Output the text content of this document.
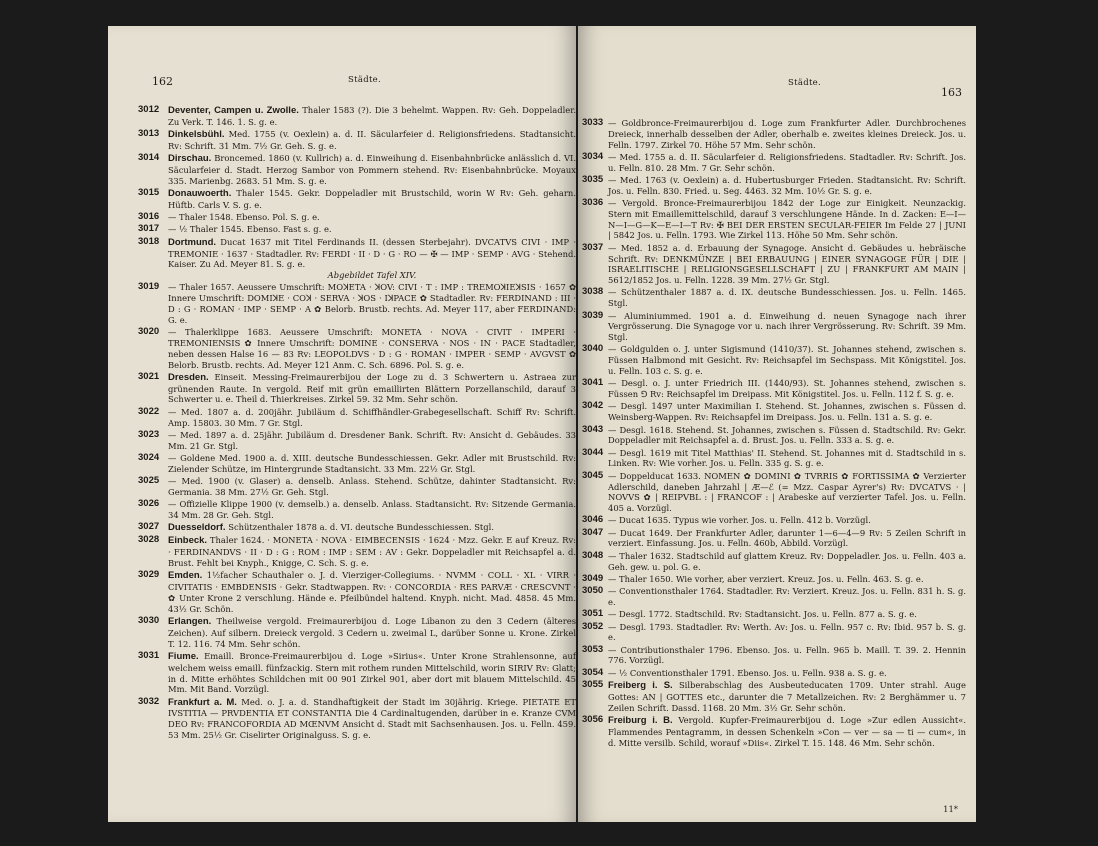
162	Städte.
3012 Deventer, Campen u. Zwolle. Thaler 1583 (?). Die 3 behelmt. Wappen. Rv: Geh. Doppeladler. Zu Verk. T. 146. 1. S. g. e.
3013 Dinkelsbühl. Med. 1755 (v. Oexlein) a. d. II. Säcularfeier d. Religionsfriedens. Stadtansicht. Rv: Schrift. 31 Mm. 7½ Gr. Geh. S. g. e.
3014 Dirschau. Broncemed. 1860 (v. Kullrich) a. d. Einweihung d. Eisenbahnbrücke anlässlich d. VI. Säcularfeier d. Stadt. Herzog Sambor von Pommern stehend. Rv: Eisenbahnbrücke. Moyaux 335. Marienbg. 2683. 51 Mm. S. g. e.
3015 Donauwoerth. Thaler 1545. Gekr. Doppeladler mit Brustschild, worin W Rv: Geh. geharn. Hüftb. Carls V. S. g. e.
3016	— Thaler 1548. Ebenso. Pol. S. g. e.
3017	— ½ Thaler 1545. Ebenso. Fast s. g. e.
3018 Dortmund. Ducat 1637 mit Titel Ferdinands II. (dessen Sterbejahr). DVCATVS CIVI · IMP · TREMONIE · 1637 · Stadtadler. Rv: FERDI · II · D · G · RO — ✠ — IMP · SEMP · AVG · Stehend. Kaiser. Zu Ad. Meyer 81. S. g. e.
Abgebildet Tafel XIV.
3019	— Thaler 1657. Aeussere Umschrift: MOꓘETA · ꓘOV: CIVI · T : IMP : TREMOꓘIEꓘSIS · 1657 ✿ Innere Umschrift: DOMIꓘE · COꓘ · SERVA · ꓘOS · IꓘPACE ✿ Stadtadler. Rv: FERDINAND : III · D : G · ROMAN · IMP · SEMP · A ✿ Belorb. Brustb. rechts. Ad. Meyer 117, aber FERDINAND: G. e.
3020	— Thalerklippe 1683. Aeussere Umschrift: MONETA · NOVA · CIVIT · IMPERI · TREMONIENSIS ✿ Innere Umschrift: DOMINE · CONSERVA · NOS · IN · PACE Stadtadler, neben dessen Halse 16 — 83 Rv: LEOPOLDVS · D : G · ROMAN · IMPER · SEMP · AVGVST ✿ Belorb. Brustb. rechts. Ad. Meyer 121 Anm. C. Sch. 6896. Pol. S. g. e.
3021 Dresden. Einseit. Messing-Freimaurerbijou der Loge zu d. 3 Schwertern u. Astraea zur grünenden Raute. In vergold. Reif mit grün emaillirten Blättern Porzellanschild, darauf 3 Schwerter u. e. Theil d. Thierkreises. Zirkel 59. 32 Mm. Sehr schön.
3022	— Med. 1807 a. d. 200jähr. Jubiläum d. Schiffhändler-Grabegesellschaft. Schiff Rv: Schrift. Amp. 15803. 30 Mm. 7 Gr. Stgl.
3023	— Med. 1897 a. d. 25jähr. Jubiläum d. Dresdener Bank. Schrift. Rv: Ansicht d. Gebäudes. 33 Mm. 21 Gr. Stgl.
3024	— Goldene Med. 1900 a. d. XIII. deutsche Bundesschiessen. Gekr. Adler mit Brustschild. Rv: Zielender Schütze, im Hintergrunde Stadtansicht. 33 Mm. 22½ Gr. Stgl.
3025	— Med. 1900 (v. Glaser) a. denselb. Anlass. Stehend. Schütze, dahinter Stadtansicht. Rv: Germania. 38 Mm. 27½ Gr. Geh. Stgl.
3026	— Offizielle Klippe 1900 (v. demselb.) a. denselb. Anlass. Stadtansicht. Rv: Sitzende Germania. 34 Mm. 28 Gr. Geh. Stgl.
3027 Duesseldorf. Schützenthaler 1878 a. d. VI. deutsche Bundesschiessen. Stgl.
3028 Einbeck. Thaler 1624. · MONETA · NOVA · EIMBECENSIS · 1624 · Mzz. Gekr. E auf Kreuz. Rv: · FERDINANDVS · II · D : G : ROM : IMP : SEM : AV : Gekr. Doppeladler mit Reichsapfel a. d. Brust. Fehlt bei Knyph., Knigge, C. Sch. S. g. e.
3029 Emden. 1½facher Schauthaler o. J. d. Vierziger-Collegiums. · NVMM · COLL · XL · VIRR · CIVITATIS · EMBDENSIS · Gekr. Stadtwappen. Rv: · CONCORDIA · RES PARVÆ · CRESCVNT · ✿ Unter Krone 2 verschlung. Hände e. Pfeilbündel haltend. Knyph. nicht. Mad. 4858. 45 Mm. 43½ Gr. Schön.
3030 Erlangen. Theilweise vergold. Freimaurerbijou d. Loge Libanon zu den 3 Cedern (älteres Zeichen). Auf silbern. Dreieck vergold. 3 Cedern u. zweimal L, darüber Sonne u. Krone. Zirkel T. 12. 116. 74 Mm. Sehr schön.
3031 Fiume. Emaill. Bronce-Freimaurerbijou d. Loge »Sirius«. Unter Krone Strahlensonne, auf welchem weiss emaill. fünfzackig. Stern mit rothem runden Mittelschild, worin SIRIV Rv: Glatt; in d. Mitte erhöhtes Schildchen mit 00 901 Zirkel 901, aber dort mit blauem Mittelschild. 45 Mm. Mit Band. Vorzügl.
3032 Frankfurt a. M. Med. o. J. a. d. Standhaftigkeit der Stadt im 30jährig. Kriege. PIETATE ET IVSTITIA — PRVDENTIA ET CONSTANTIA Die 4 Cardinaltugenden, darüber in e. Kranze CVM DEO Rv: FRANCOFORDIA AD MŒNVM Ansicht d. Stadt mit Sachsenhausen. Jos. u. Felln. 459. 53 Mm. 25½ Gr. Ciselirter Originalguss. S. g. e.
Städte.
163
3033 — Goldbronce-Freimaurerbijou d. Loge zum Frankfurter Adler. Durchbrochenes Dreieck, innerhalb desselben der Adler, oberhalb e. zweites kleines Dreieck. Jos. u. Felln. 1797. Zirkel 70. Höhe 57 Mm. Sehr schön.
3034 — Med. 1755 a. d. II. Säcularfeier d. Religionsfriedens. Stadtadler. Rv: Schrift. Jos. u. Felln. 810. 28 Mm. 7 Gr. Sehr schön.
3035 — Med. 1763 (v. Oexlein) a. d. Hubertusburger Frieden. Stadtansicht. Rv: Schrift. Jos. u. Felln. 830. Fried. u. Seg. 4463. 32 Mm. 10½ Gr. S. g. e.
3036 — Vergold. Bronce-Freimaurerbijou 1842 der Loge zur Einigkeit. Neunzackig. Stern mit Emaillemittelschild, darauf 3 verschlungene Hände. In d. Zacken: E—I—N—I—G—K—E—I—T Rv: ✠ BEI DER ERSTEN SECULAR-FEIER Im Felde 27 | JUNI | 5842 Jos. u. Felln. 1793. Wie Zirkel 113. Höhe 50 Mm. Sehr schön.
3037 — Med. 1852 a. d. Erbauung der Synagoge. Ansicht d. Gebäudes u. hebräische Schrift. Rv: DENKMÜNZE | BEI ERBAUUNG | EINER SYNAGOGE FÜR | DIE | ISRAELITISCHE | RELIGIONSGESELLSCHAFT | ZU | FRANKFURT AM MAIN | 5612/1852 Jos. u. Felln. 1228. 39 Mm. 27½ Gr. Stgl.
3038 — Schützenthaler 1887 a. d. IX. deutsche Bundesschiessen. Jos. u. Felln. 1465. Stgl.
3039 — Aluminiummed. 1901 a. d. Einweihung d. neuen Synagoge nach ihrer Vergrösserung. Die Synagoge vor u. nach ihrer Vergrösserung. Rv: Schrift. 39 Mm. Stgl.
3040 — Goldgulden o. J. unter Sigismund (1410/37). St. Johannes stehend, zwischen s. Füssen Halbmond mit Gesicht. Rv: Reichsapfel im Sechspass. Mit Königstitel. Jos. u. Felln. 103 c. S. g. e.
3041 — Desgl. o. J. unter Friedrich III. (1440/93). St. Johannes stehend, zwischen s. Füssen ⅁ Rv: Reichsapfel im Dreipass. Mit Königstitel. Jos. u. Felln. 112 f. S. g. e.
3042 — Desgl. 1497 unter Maximilian I. Stehend. St. Johannes, zwischen s. Füssen d. Weinsberg-Wappen. Rv: Reichsapfel im Dreipass. Jos. u. Felln. 131 a. S. g. e.
3043 — Desgl. 1618. Stehend. St. Johannes, zwischen s. Füssen d. Stadtschild. Rv: Gekr. Doppeladler mit Reichsapfel a. d. Brust. Jos. u. Felln. 333 a. S. g. e.
3044 — Desgl. 1619 mit Titel Matthias' II. Stehend. St. Johannes mit d. Stadtschild in s. Linken. Rv: Wie vorher. Jos. u. Felln. 335 g. S. g. e.
3045 — Doppelducat 1633. NOMEN ✿ DOMINI ✿ TVRRIS ✿ FORTISSIMA ✿ Verzierter Adlerschild, daneben Jahrzahl | Æ—ℰ (= Mzz. Caspar Ayrer's) Rv: DVCATVS · | NOVVS ✿ | REIPVBL : | FRANCOF : | Arabeske auf verzierter Tafel. Jos. u. Felln. 405 a. Vorzügl.
3046 — Ducat 1635. Typus wie vorher. Jos. u. Felln. 412 b. Vorzügl.
3047 — Ducat 1649. Der Frankfurter Adler, darunter 1—6—4—9 Rv: 5 Zeilen Schrift in verziert. Einfassung. Jos. u. Felln. 460b, Abbild. Vorzügl.
3048 — Thaler 1632. Stadtschild auf glattem Kreuz. Rv: Doppeladler. Jos. u. Felln. 403 a. Geh. gew. u. pol. G. e.
3049 — Thaler 1650. Wie vorher, aber verziert. Kreuz. Jos. u. Felln. 463. S. g. e.
3050 — Conventionsthaler 1764. Stadtadler. Rv: Verziert. Kreuz. Jos. u. Felln. 831 h. S. g. e.
3051 — Desgl. 1772. Stadtschild. Rv: Stadtansicht. Jos. u. Felln. 877 a. S. g. e.
3052 — Desgl. 1793. Stadtadler. Rv: Werth. Av: Jos. u. Felln. 957 c. Rv: Ibid. 957 b. S. g. e.
3053 — Contributionsthaler 1796. Ebenso. Jos. u. Felln. 965 b. Maill. T. 39. 2. Hennin 776. Vorzügl.
3054 — ½ Conventionsthaler 1791. Ebenso. Jos. u. Felln. 938 a. S. g. e.
3055 Freiberg i. S. Silberabschlag des Ausbeuteducaten 1709. Unter strahl. Auge Gottes: AN | GOTTES etc., darunter die 7 Metallzeichen. Rv: 2 Berghämmer u. 7 Zeilen Schrift. Dassd. 1168. 20 Mm. 3½ Gr. Sehr schön.
3056 Freiburg i. B. Vergold. Kupfer-Freimaurerbijou d. Loge »Zur edlen Aussicht«. Flammendes Pentagramm, in dessen Schenkeln »Con — ver — sa — ti — cum«, in d. Mitte versilb. Schild, worauf »Diis«. Zirkel T. 15. 148. 46 Mm. Sehr schön.
11*
